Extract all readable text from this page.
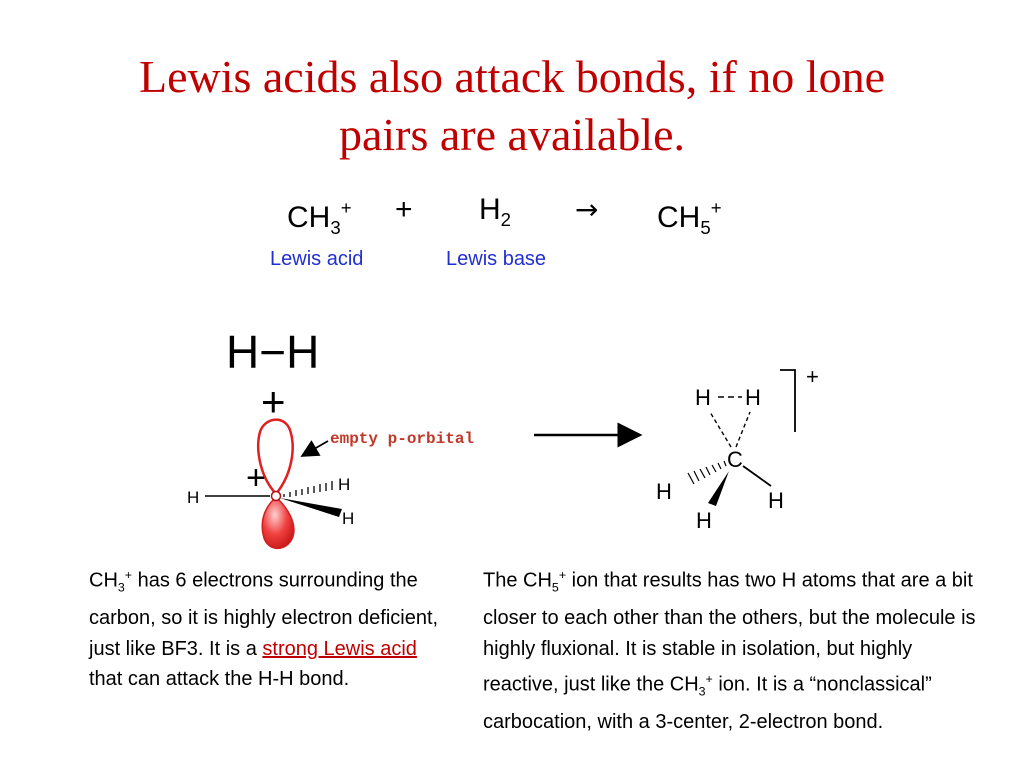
Lewis acids also attack bonds, if no lone
pairs are available.
$CH_3^+ + H_2 \to CH_5^+$
Lewis acid	Lewis base
H−H
+
empty p-orbital
+
H
H
H
H H
C
H	H
H
+
$CH_3^+$ has 6 electrons surrounding the carbon, so it is highly electron deficient, just like BF3. It is a strong Lewis acid that can attack the H-H bond.
The $CH_5^+$ ion that results has two H atoms that are a bit closer to each other than the others, but the molecule is highly fluxional. It is stable in isolation, but highly reactive, just like the $CH_3^+$ ion. It is a “nonclassical” carbocation, with a 3-center, 2-electron bond.
